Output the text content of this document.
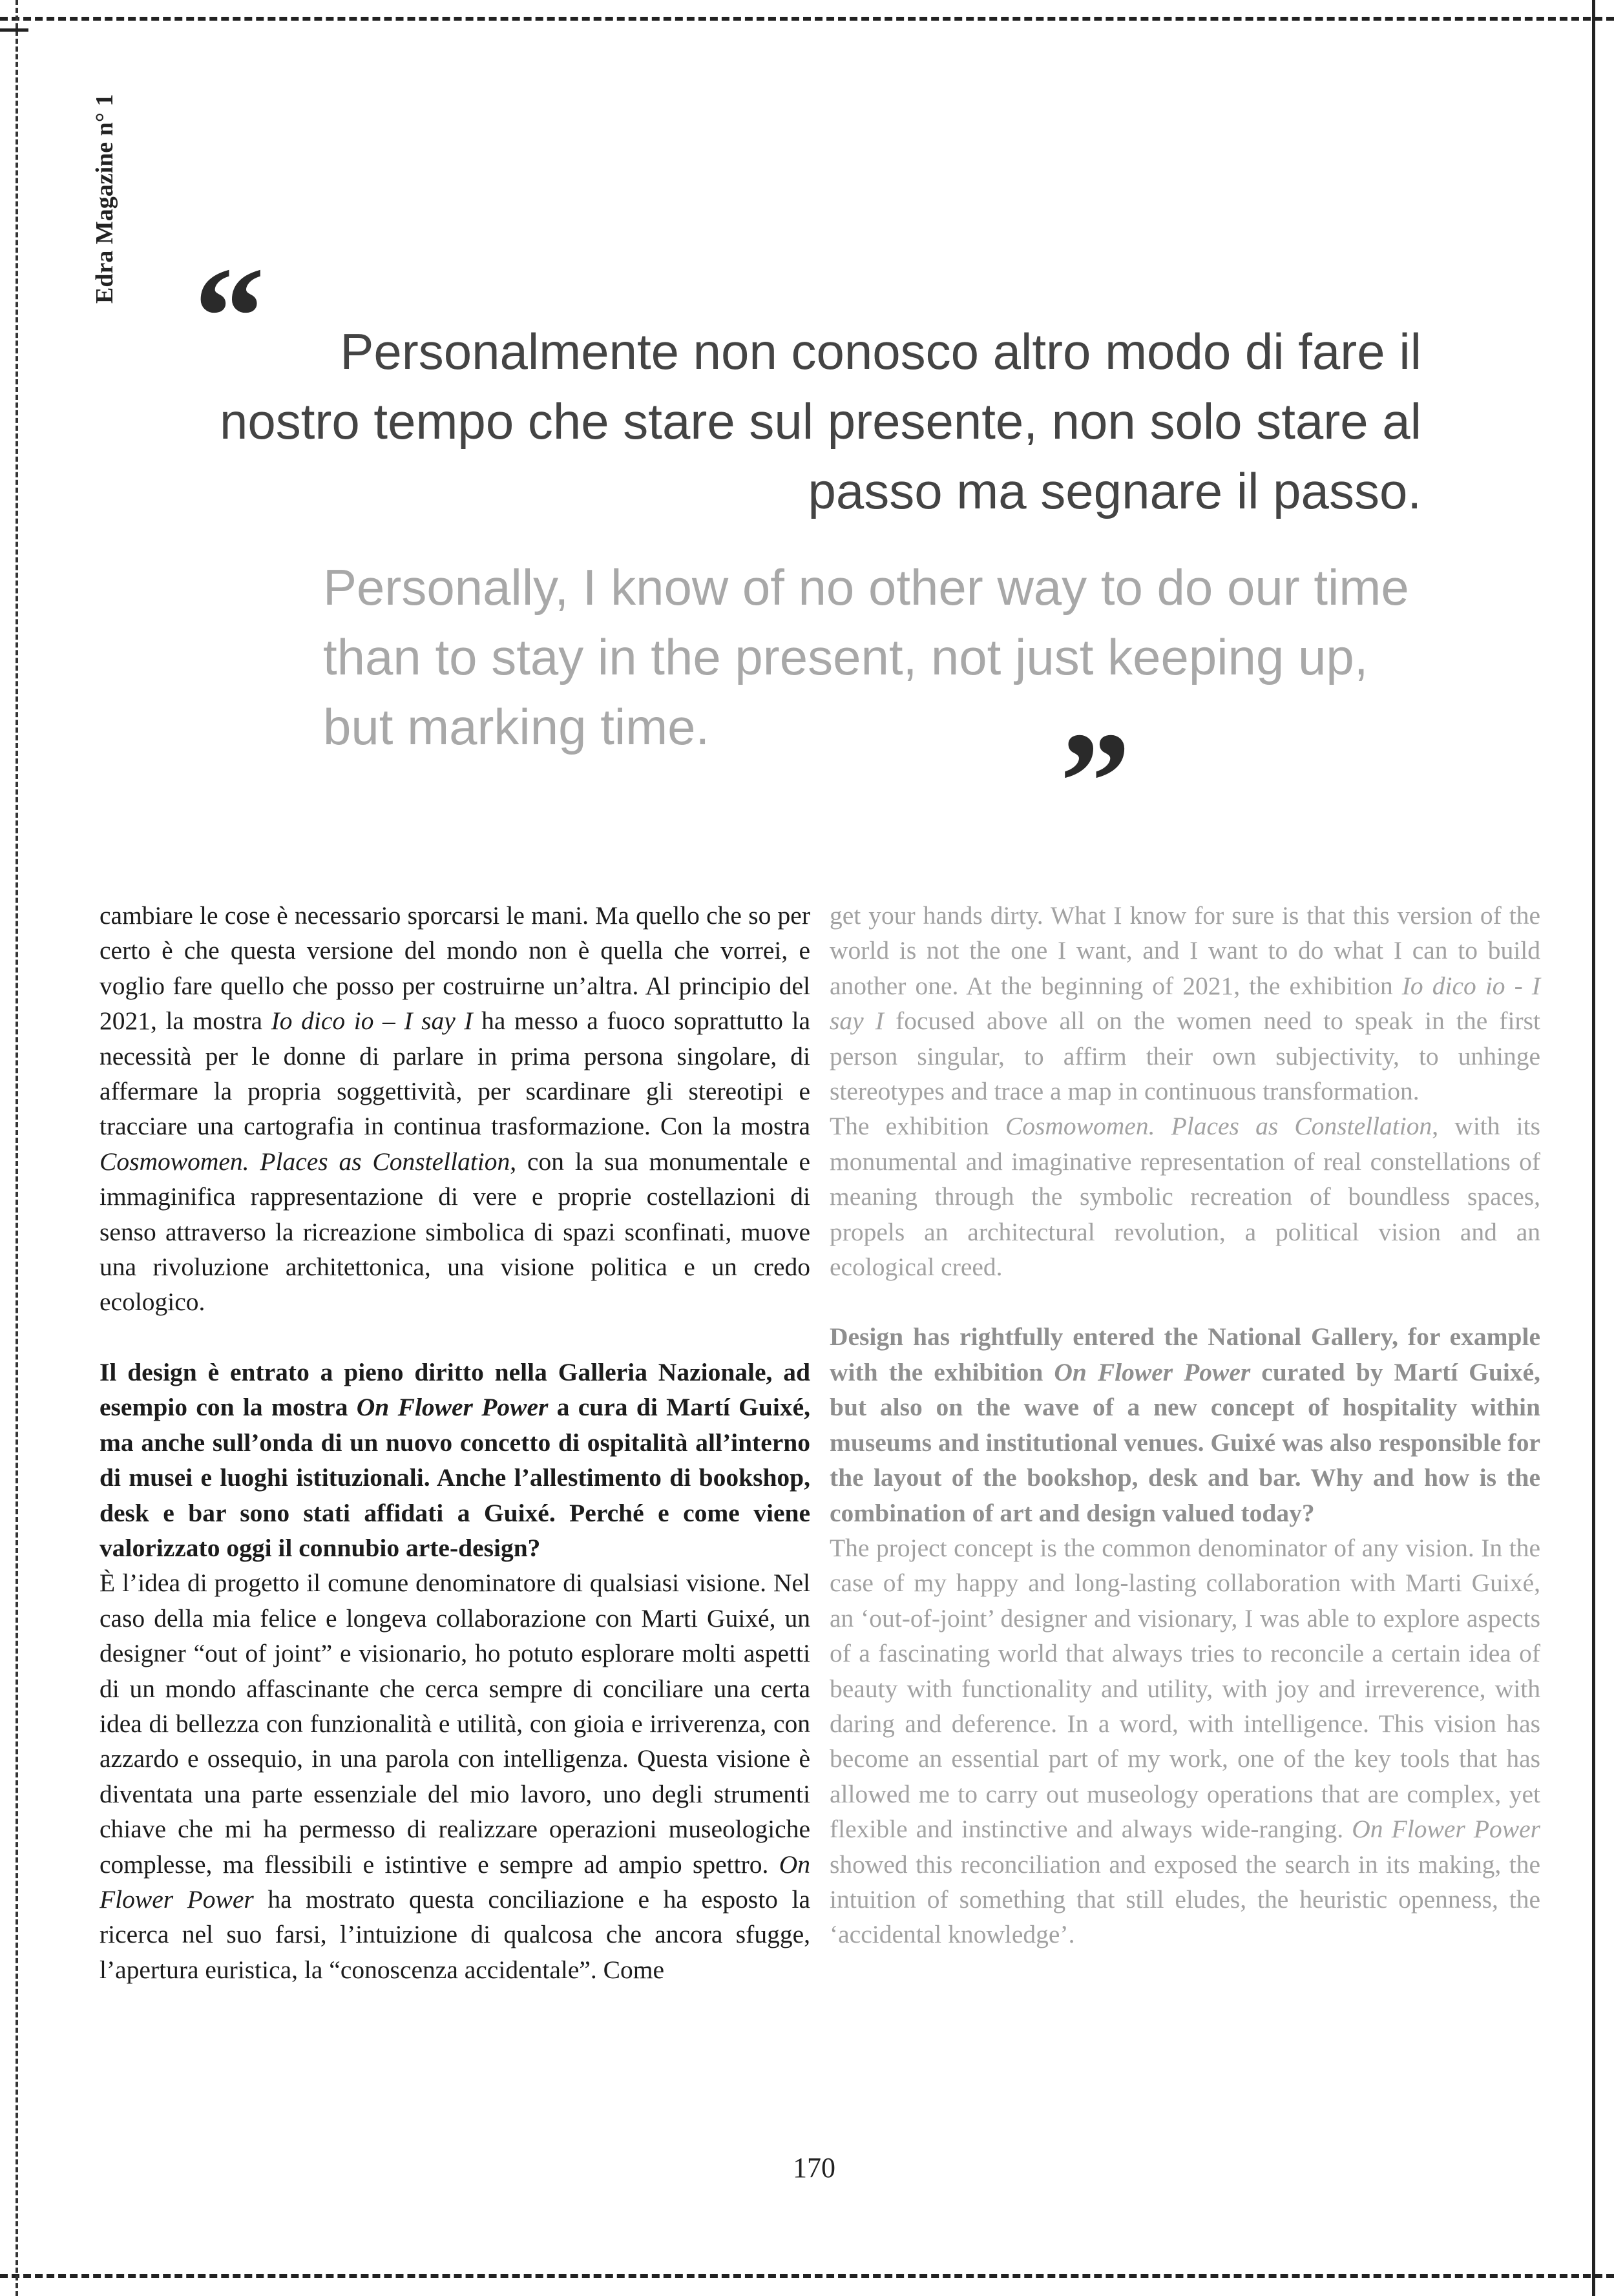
Edra Magazine n° 1
“	Personalmente non conosco altro modo di fare il nostro tempo che stare sul presente, non solo stare al passo ma segnare il passo.
Personally, I know of no other way to do our time than to stay in the present, not just keeping up, but marking time.	”

cambiare le cose è necessario sporcarsi le mani. Ma quello che so per certo è che questa versione del mondo non è quella che vorrei, e voglio fare quello che posso per costruirne un’altra. Al principio del 2021, la mostra Io dico io – I say I ha messo a fuoco soprattutto la necessità per le donne di parlare in prima persona singolare, di affermare la propria soggettività, per scardinare gli stereotipi e tracciare una cartografia in continua trasformazione. Con la mostra Cosmowomen. Places as Constellation, con la sua monumentale e immaginifica rappresentazione di vere e proprie costellazioni di senso attraverso la ricreazione simbolica di spazi sconfinati, muove una rivoluzione architettonica, una visione politica e un credo ecologico.

Il design è entrato a pieno diritto nella Galleria Nazionale, ad esempio con la mostra On Flower Power a cura di Martí Guixé, ma anche sull’onda di un nuovo concetto di ospitalità all’interno di musei e luoghi istituzionali. Anche l’allestimento di bookshop, desk e bar sono stati affidati a Guixé. Perché e come viene valorizzato oggi il connubio arte-design?

È l’idea di progetto il comune denominatore di qualsiasi visione. Nel caso della mia felice e longeva collaborazione con Marti Guixé, un designer “out of joint” e visionario, ho potuto esplorare molti aspetti di un mondo affascinante che cerca sempre di conciliare una certa idea di bellezza con funzionalità e utilità, con gioia e irriverenza, con azzardo e ossequio, in una parola con intelligenza. Questa visione è diventata una parte essenziale del mio lavoro, uno degli strumenti chiave che mi ha permesso di realizzare operazioni museologiche complesse, ma flessibili e istintive e sempre ad ampio spettro. On Flower Power ha mostrato questa conciliazione e ha esposto la ricerca nel suo farsi, l’intuizione di qualcosa che ancora sfugge, l’apertura euristica, la “conoscenza accidentale”. Come

get your hands dirty. What I know for sure is that this version of the world is not the one I want, and I want to do what I can to build another one. At the beginning of 2021, the exhibition Io dico io - I say I focused above all on the women need to speak in the first person singular, to affirm their own subjectivity, to unhinge stereotypes and trace a map in continuous transformation.

The exhibition Cosmowomen. Places as Constellation, with its monumental and imaginative representation of real constellations of meaning through the symbolic recreation of boundless spaces, propels an architectural revolution, a political vision and an ecological creed.

Design has rightfully entered the National Gallery, for example with the exhibition On Flower Power curated by Martí Guixé, but also on the wave of a new concept of hospitality within museums and institutional venues. Guixé was also responsible for the layout of the bookshop, desk and bar. Why and how is the combination of art and design valued today?

The project concept is the common denominator of any vision. In the case of my happy and long-lasting collaboration with Marti Guixé, an ‘out-of-joint’ designer and visionary, I was able to explore aspects of a fascinating world that always tries to reconcile a certain idea of beauty with functionality and utility, with joy and irreverence, with daring and deference. In a word, with intelligence. This vision has become an essential part of my work, one of the key tools that has allowed me to carry out museology operations that are complex, yet flexible and instinctive and always wide-ranging. On Flower Power showed this reconciliation and exposed the search in its making, the intuition of something that still eludes, the heuristic openness, the ‘accidental knowledge’.

170
